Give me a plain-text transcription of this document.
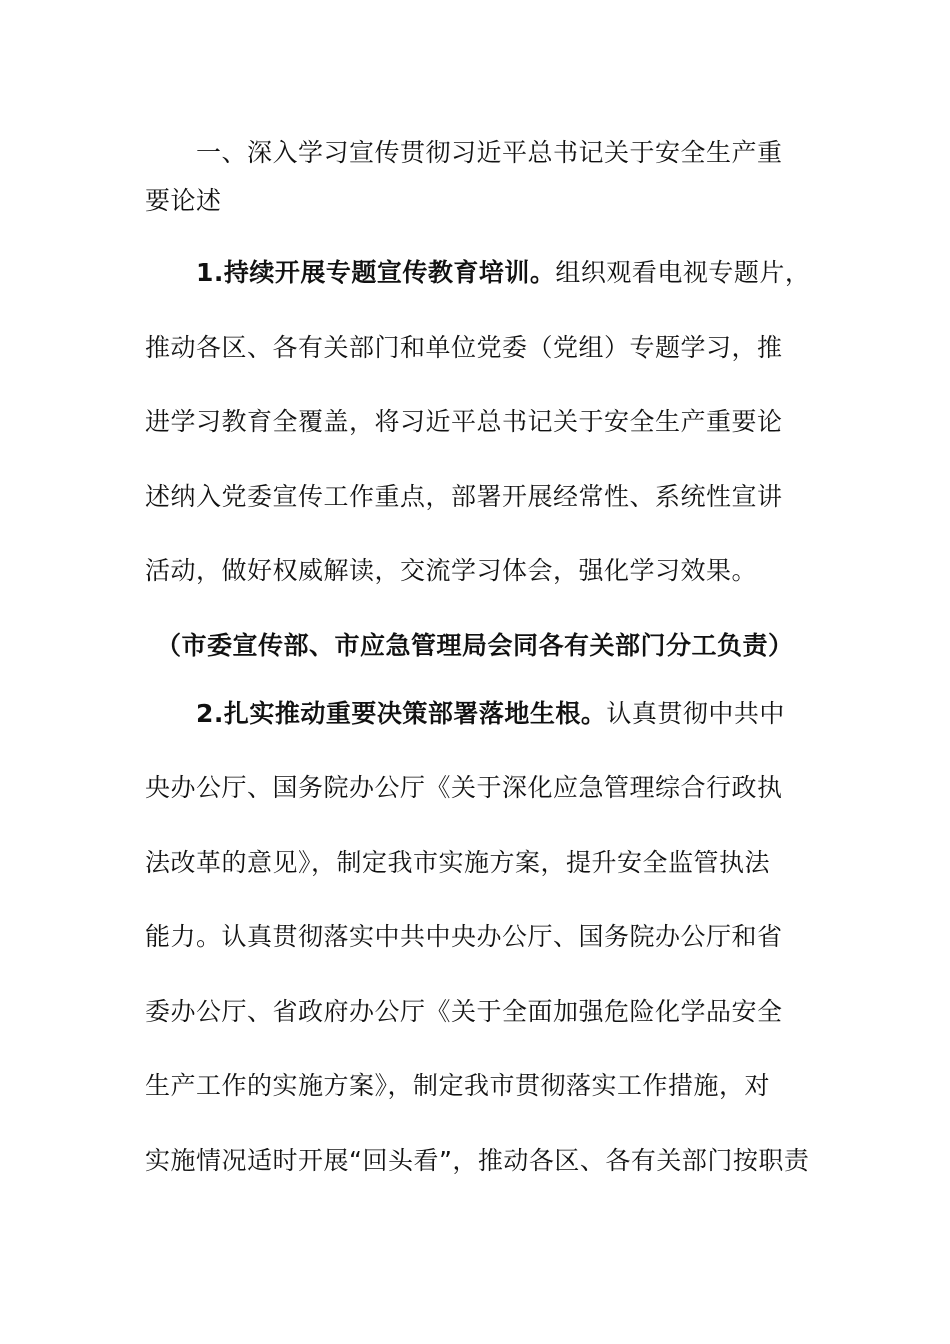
一、深入学习宣传贯彻习近平总书记关于安全生产重
要论述
1.持续开展专题宣传教育培训。组织观看电视专题片，
推动各区、各有关部门和单位党委（党组）专题学习，推
进学习教育全覆盖，将习近平总书记关于安全生产重要论
述纳入党委宣传工作重点，部署开展经常性、系统性宣讲
活动，做好权威解读，交流学习体会，强化学习效果。
（市委宣传部、市应急管理局会同各有关部门分工负责）
2.扎实推动重要决策部署落地生根。认真贯彻中共中
央办公厅、国务院办公厅《关于深化应急管理综合行政执
法改革的意见》，制定我市实施方案，提升安全监管执法
能力。认真贯彻落实中共中央办公厅、国务院办公厅和省
委办公厅、省政府办公厅《关于全面加强危险化学品安全
生产工作的实施方案》，制定我市贯彻落实工作措施，对
实施情况适时开展“回头看”，推动各区、各有关部门按职责
